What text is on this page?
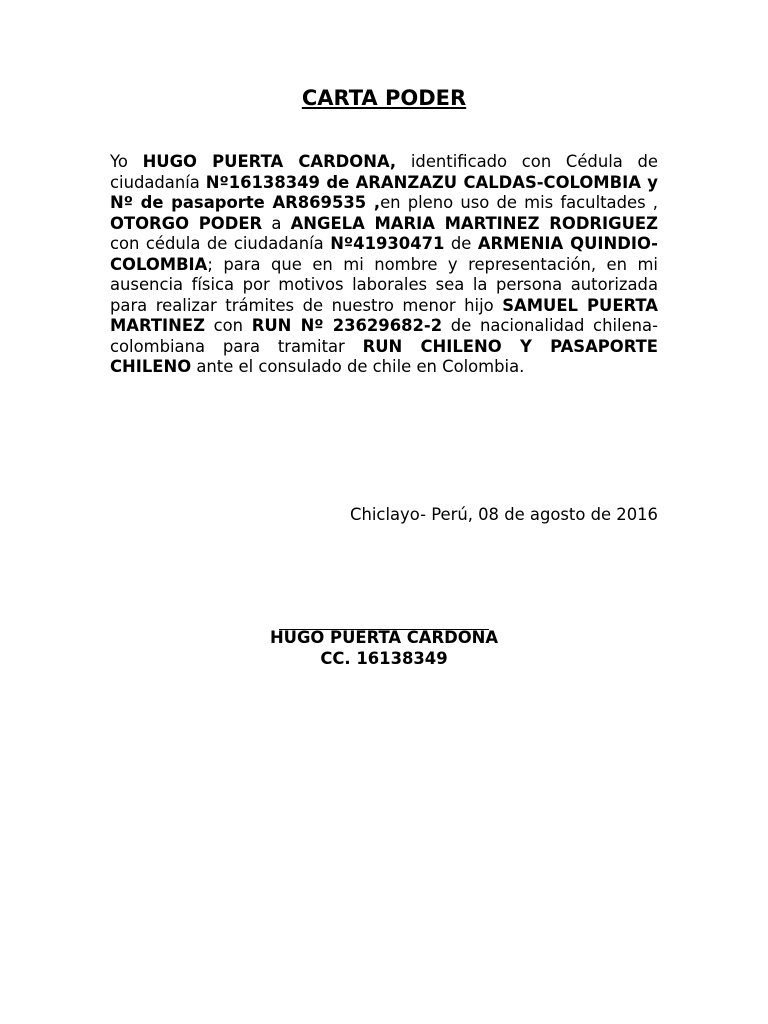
CARTA PODER

Yo HUGO PUERTA CARDONA, identificado con Cédula de ciudadanía Nº16138349 de ARANZAZU CALDAS-COLOMBIA y Nº de pasaporte AR869535 ,en pleno uso de mis facultades , OTORGO PODER a ANGELA MARIA MARTINEZ RODRIGUEZ con cédula de ciudadanía Nº41930471 de ARMENIA QUINDIO- COLOMBIA; para que en mi nombre y representación, en mi ausencia física por motivos laborales sea la persona autorizada para realizar trámites de nuestro menor hijo SAMUEL PUERTA MARTINEZ con RUN Nº 23629682-2 de nacionalidad chilena-colombiana para tramitar RUN CHILENO Y PASAPORTE CHILENO ante el consulado de chile en Colombia.

Chiclayo- Perú, 08 de agosto de 2016

HUGO PUERTA CARDONA

CC. 16138349
